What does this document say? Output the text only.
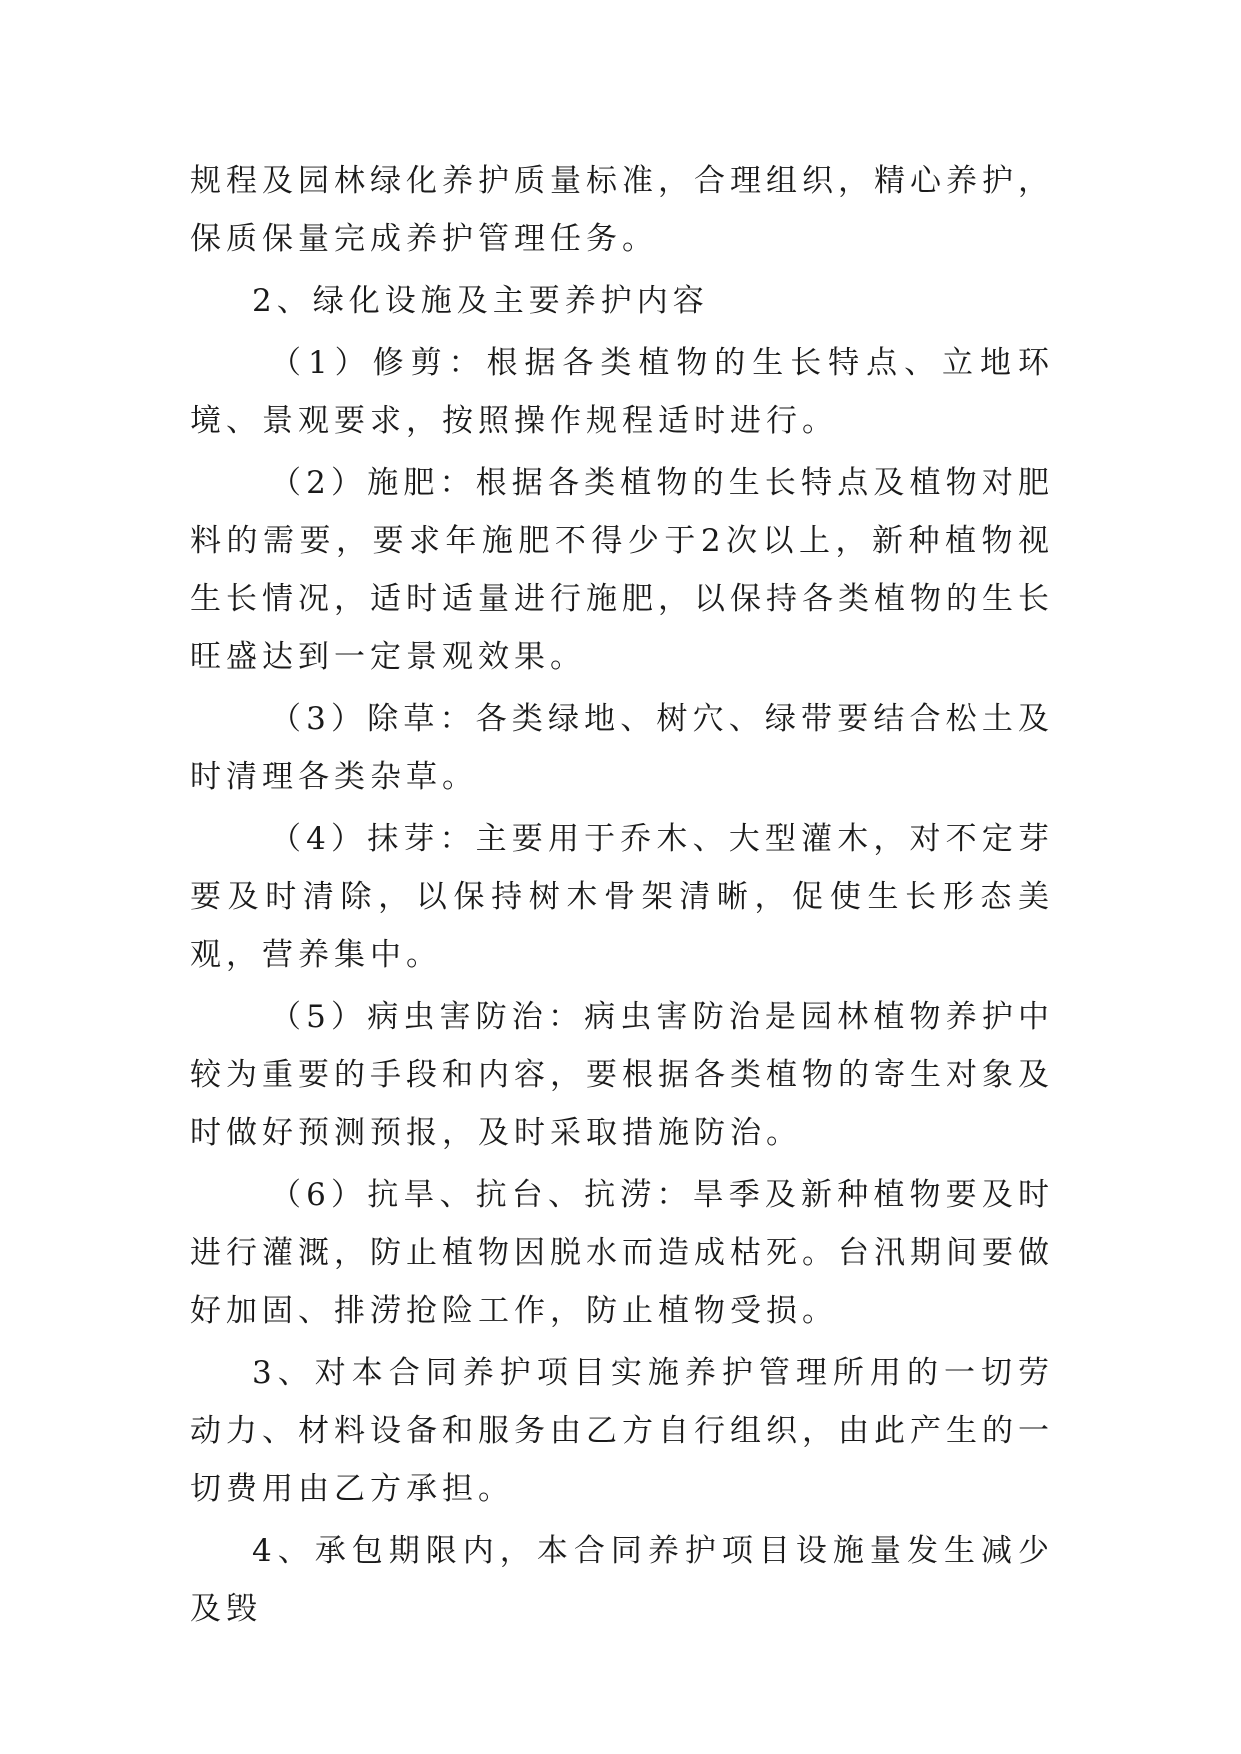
规程及园林绿化养护质量标准，合理组织，精心养护，保质保量完成养护管理任务。

2、绿化设施及主要养护内容

（1）修剪：根据各类植物的生长特点、立地环境、景观要求，按照操作规程适时进行。

（2）施肥：根据各类植物的生长特点及植物对肥料的需要，要求年施肥不得少于2次以上，新种植物视生长情况，适时适量进行施肥，以保持各类植物的生长旺盛达到一定景观效果。

（3）除草：各类绿地、树穴、绿带要结合松土及时清理各类杂草。

（4）抹芽：主要用于乔木、大型灌木，对不定芽要及时清除，以保持树木骨架清晰，促使生长形态美观，营养集中。

（5）病虫害防治：病虫害防治是园林植物养护中较为重要的手段和内容，要根据各类植物的寄生对象及时做好预测预报，及时采取措施防治。

（6）抗旱、抗台、抗涝：旱季及新种植物要及时进行灌溉，防止植物因脱水而造成枯死。台汛期间要做好加固、排涝抢险工作，防止植物受损。

3、对本合同养护项目实施养护管理所用的一切劳动力、材料设备和服务由乙方自行组织，由此产生的一切费用由乙方承担。

4、承包期限内，本合同养护项目设施量发生减少及毁
